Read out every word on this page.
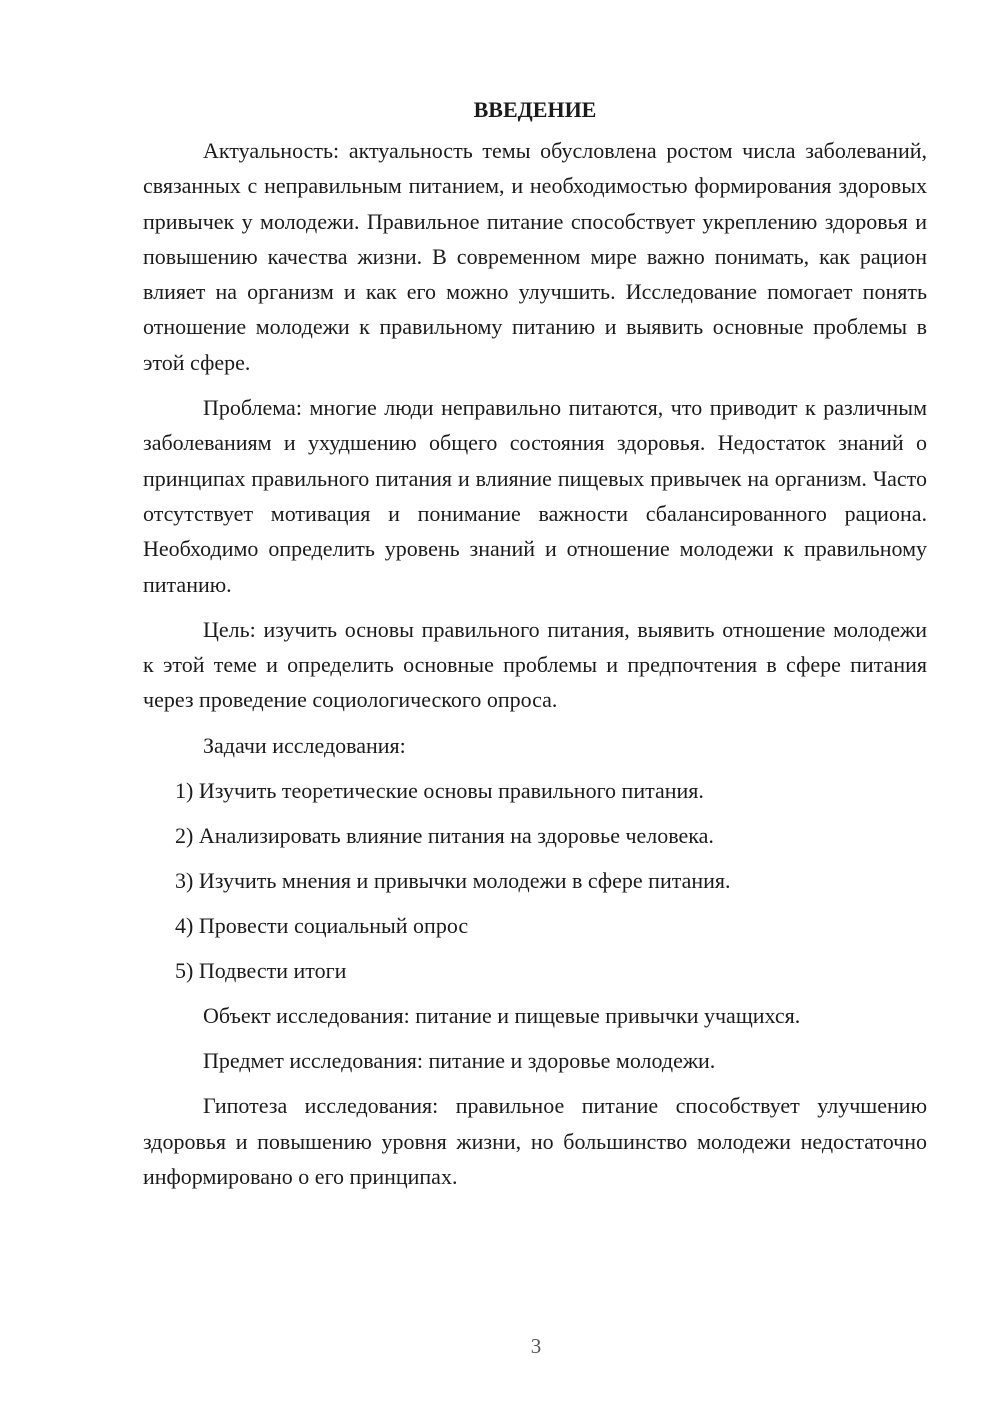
ВВЕДЕНИЕ

Актуальность: актуальность темы обусловлена ростом числа заболеваний, связанных с неправильным питанием, и необходимостью формирования здоровых привычек у молодежи. Правильное питание способствует укреплению здоровья и повышению качества жизни. В современном мире важно понимать, как рацион влияет на организм и как его можно улучшить. Исследование помогает понять отношение молодежи к правильному питанию и выявить основные проблемы в этой сфере.

Проблема: многие люди неправильно питаются, что приводит к различным заболеваниям и ухудшению общего состояния здоровья. Недостаток знаний о принципах правильного питания и влияние пищевых привычек на организм. Часто отсутствует мотивация и понимание важности сбалансированного рациона. Необходимо определить уровень знаний и отношение молодежи к правильному питанию.

Цель: изучить основы правильного питания, выявить отношение молодежи к этой теме и определить основные проблемы и предпочтения в сфере питания через проведение социологического опроса.

Задачи исследования:
1) Изучить теоретические основы правильного питания.
2) Анализировать влияние питания на здоровье человека.
3) Изучить мнения и привычки молодежи в сфере питания.
4) Провести социальный опрос
5) Подвести итоги

Объект исследования: питание и пищевые привычки учащихся.

Предмет исследования: питание и здоровье молодежи.

Гипотеза исследования: правильное питание способствует улучшению здоровья и повышению уровня жизни, но большинство молодежи недостаточно информировано о его принципах.

3
